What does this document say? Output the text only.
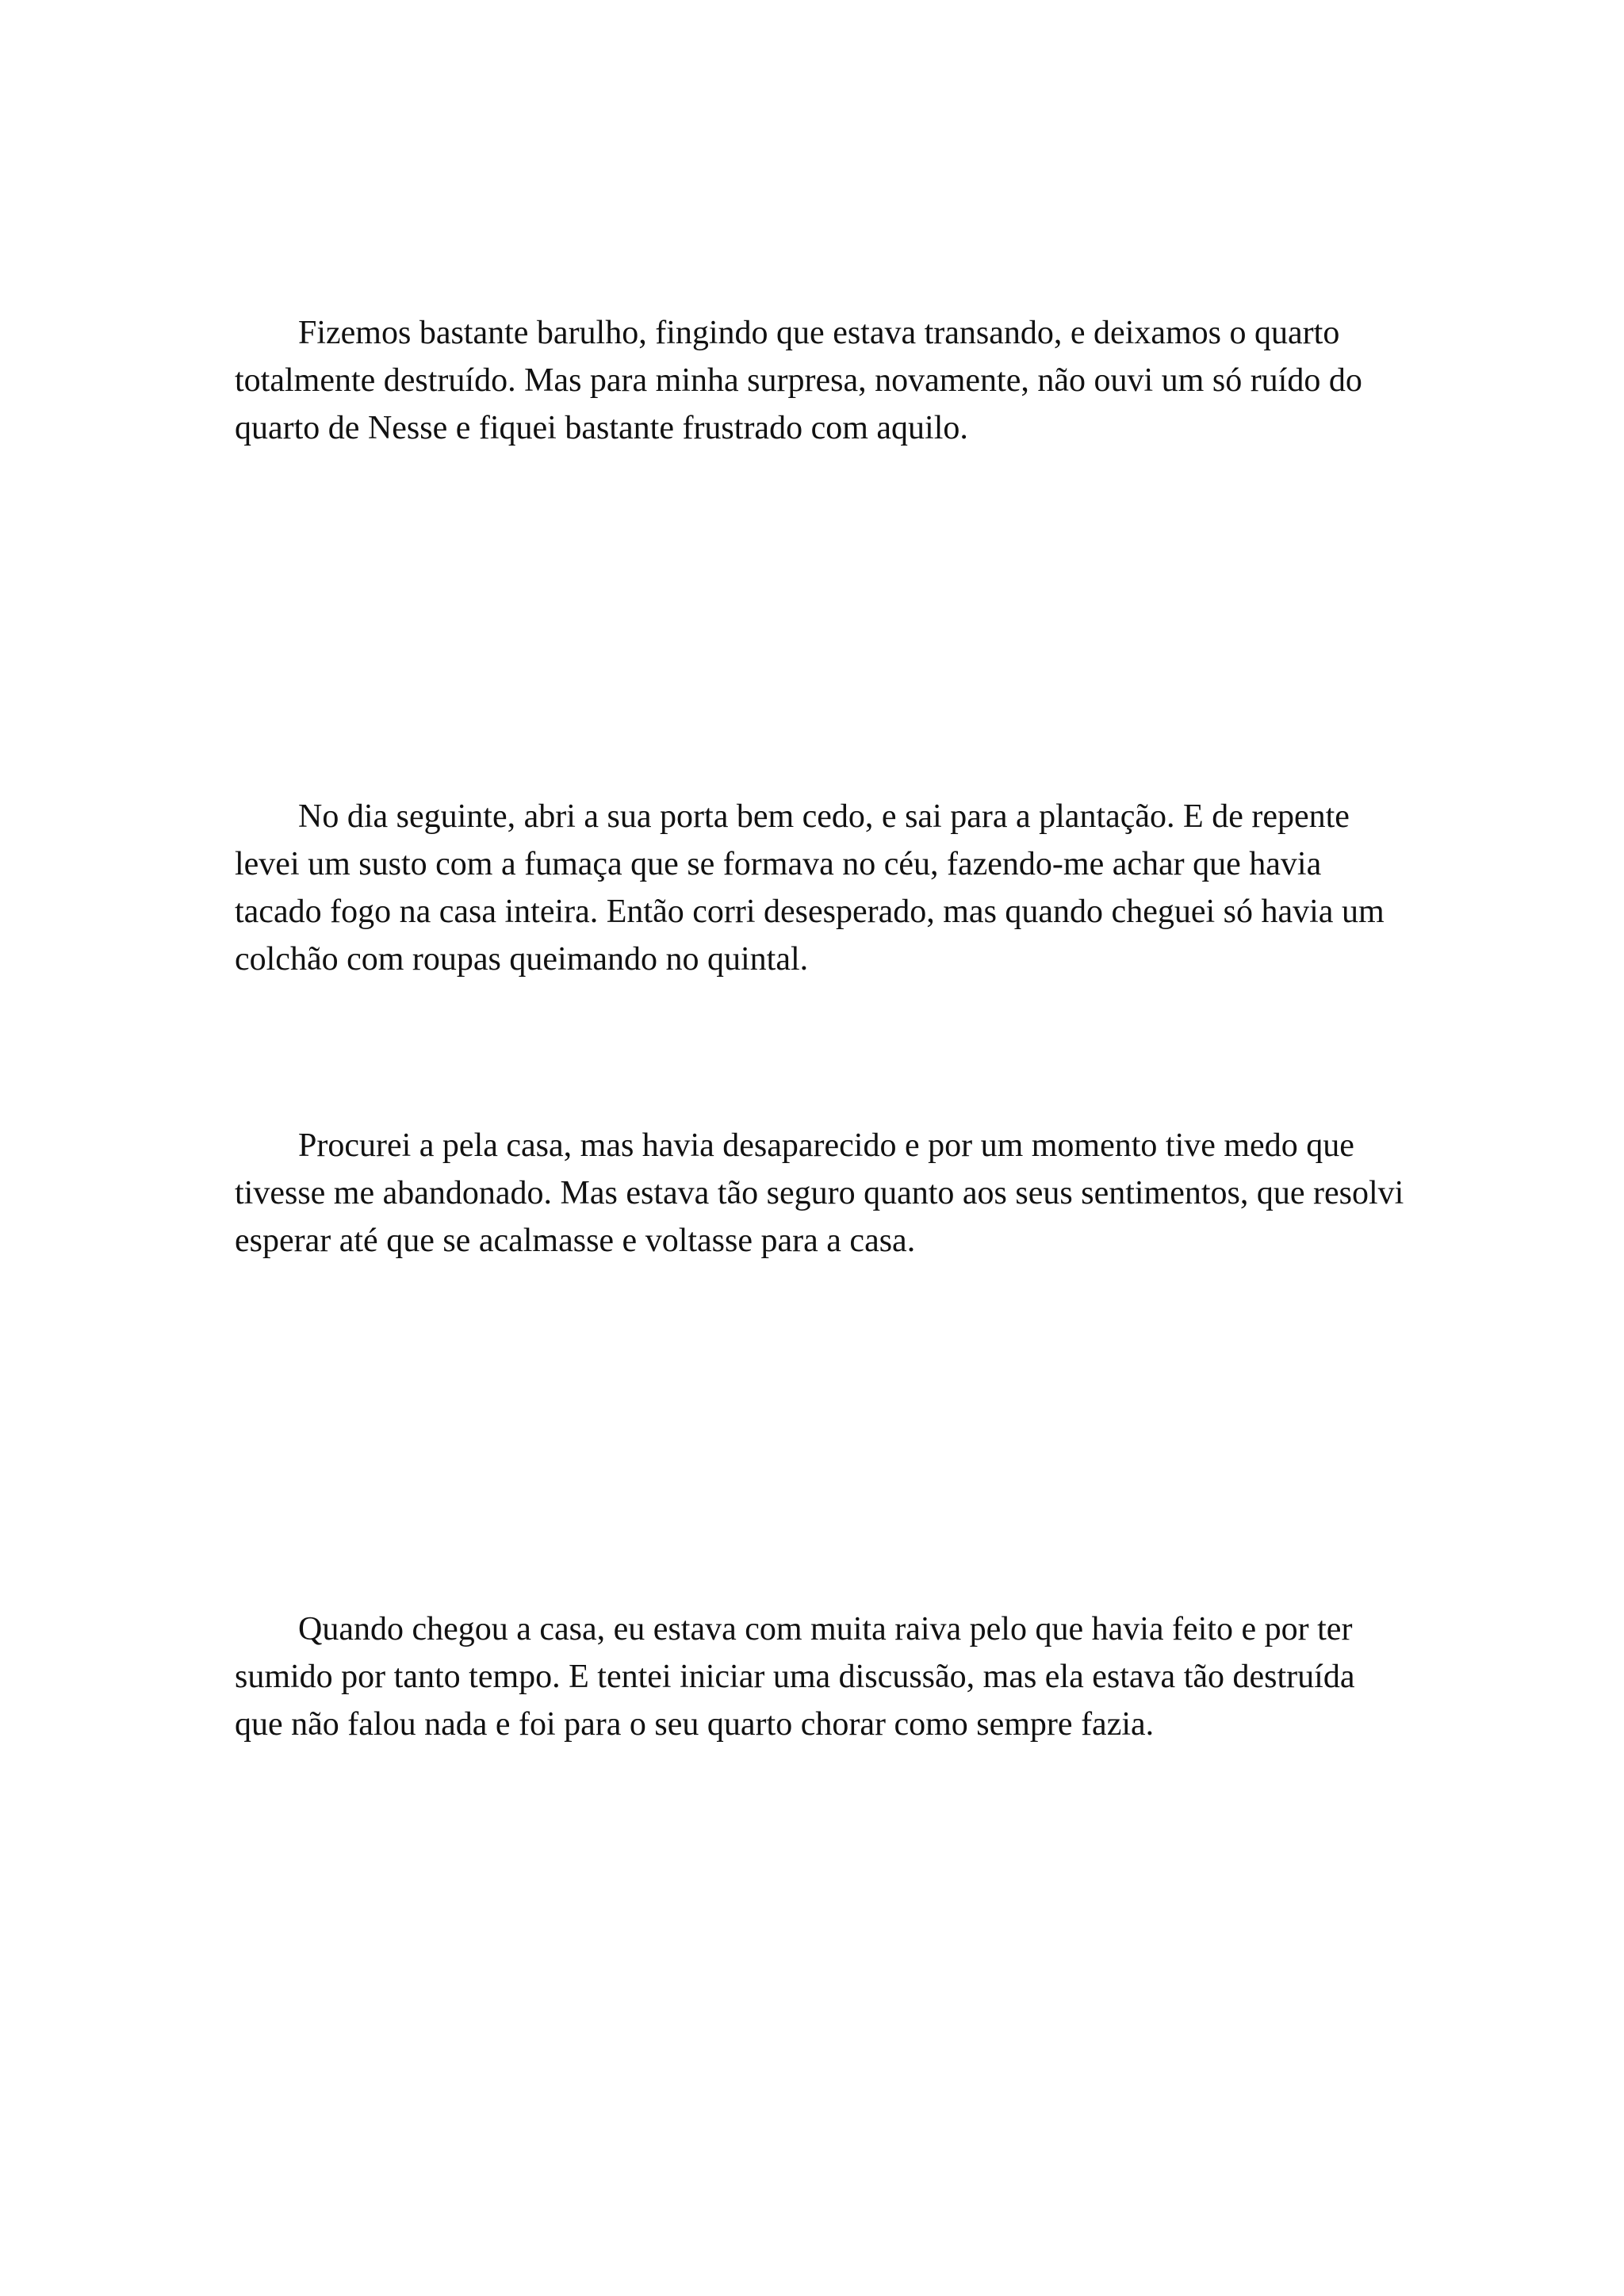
Fizemos bastante barulho, fingindo que estava transando, e deixamos o quarto totalmente destruído. Mas para minha surpresa, novamente, não ouvi um só ruído do quarto de Nesse e fiquei bastante frustrado com aquilo.

No dia seguinte, abri a sua porta bem cedo, e sai para a plantação. E de repente levei um susto com a fumaça que se formava no céu, fazendo-me achar que havia tacado fogo na casa inteira. Então corri desesperado, mas quando cheguei só havia um colchão com roupas queimando no quintal.

Procurei a pela casa, mas havia desaparecido e por um momento tive medo que tivesse me abandonado. Mas estava tão seguro quanto aos seus sentimentos, que resolvi esperar até que se acalmasse e voltasse para a casa.

Quando chegou a casa, eu estava com muita raiva pelo que havia feito e por ter sumido por tanto tempo. E tentei iniciar uma discussão, mas ela estava tão destruída que não falou nada e foi para o seu quarto chorar como sempre fazia.
